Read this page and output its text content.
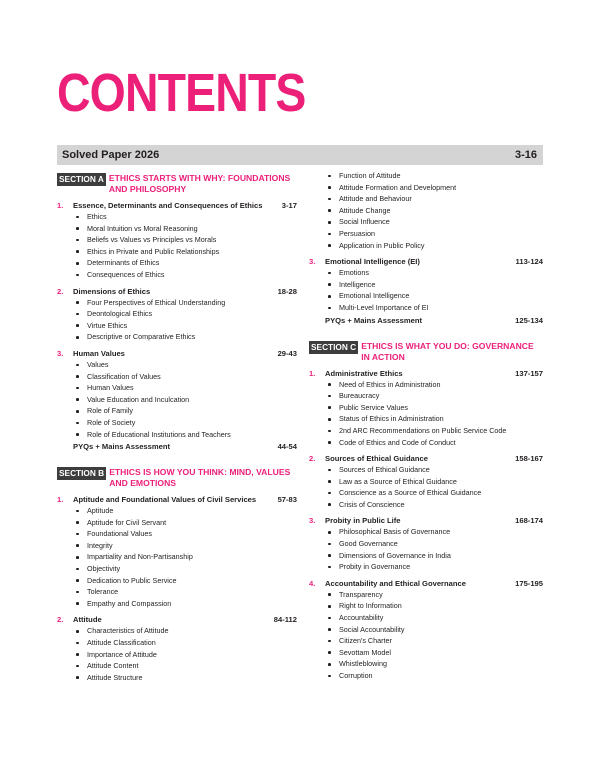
CONTENTS
Solved Paper 2026	3-16
SECTION A ETHICS STARTS WITH WHY: FOUNDATIONS AND PHILOSOPHY
1.	Essence, Determinants and Consequences of Ethics	3-17
Ethics
Moral Intuition vs Moral Reasoning
Beliefs vs Values vs Principles vs Morals
Ethics in Private and Public Relationships
Determinants of Ethics
Consequences of Ethics
2.	Dimensions of Ethics	18-28
Four Perspectives of Ethical Understanding
Deontological Ethics
Virtue Ethics
Descriptive or Comparative Ethics
3.	Human Values	29-43
Values
Classification of Values
Human Values
Value Education and Inculcation
Role of Family
Role of Society
Role of Educational Institutions and Teachers
PYQs + Mains Assessment	44-54
SECTION B ETHICS IS HOW YOU THINK: MIND, VALUES AND EMOTIONS
1.	Aptitude and Foundational Values of Civil Services	57-83
Aptitude
Aptitude for Civil Servant
Foundational Values
Integrity
Impartiality and Non-Partisanship
Objectivity
Dedication to Public Service
Tolerance
Empathy and Compassion
2.	Attitude	84-112
Characteristics of Attitude
Attitude Classification
Importance of Attitude
Attitude Content
Attitude Structure
Function of Attitude
Attitude Formation and Development
Attitude and Behaviour
Attitude Change
Social Influence
Persuasion
Application in Public Policy
3.	Emotional Intelligence (EI)	113-124
Emotions
Intelligence
Emotional Intelligence
Multi-Level Importance of EI
PYQs + Mains Assessment	125-134
SECTION C ETHICS IS WHAT YOU DO: GOVERNANCE IN ACTION
1.	Administrative Ethics	137-157
Need of Ethics in Administration
Bureaucracy
Public Service Values
Status of Ethics in Administration
2nd ARC Recommendations on Public Service Code
Code of Ethics and Code of Conduct
2.	Sources of Ethical Guidance	158-167
Sources of Ethical Guidance
Law as a Source of Ethical Guidance
Conscience as a Source of Ethical Guidance
Crisis of Conscience
3.	Probity in Public Life	168-174
Philosophical Basis of Governance
Good Governance
Dimensions of Governance in India
Probity in Governance
4.	Accountability and Ethical Governance	175-195
Transparency
Right to Information
Accountability
Social Accountability
Citizen's Charter
Sevottam Model
Whistleblowing
Corruption
